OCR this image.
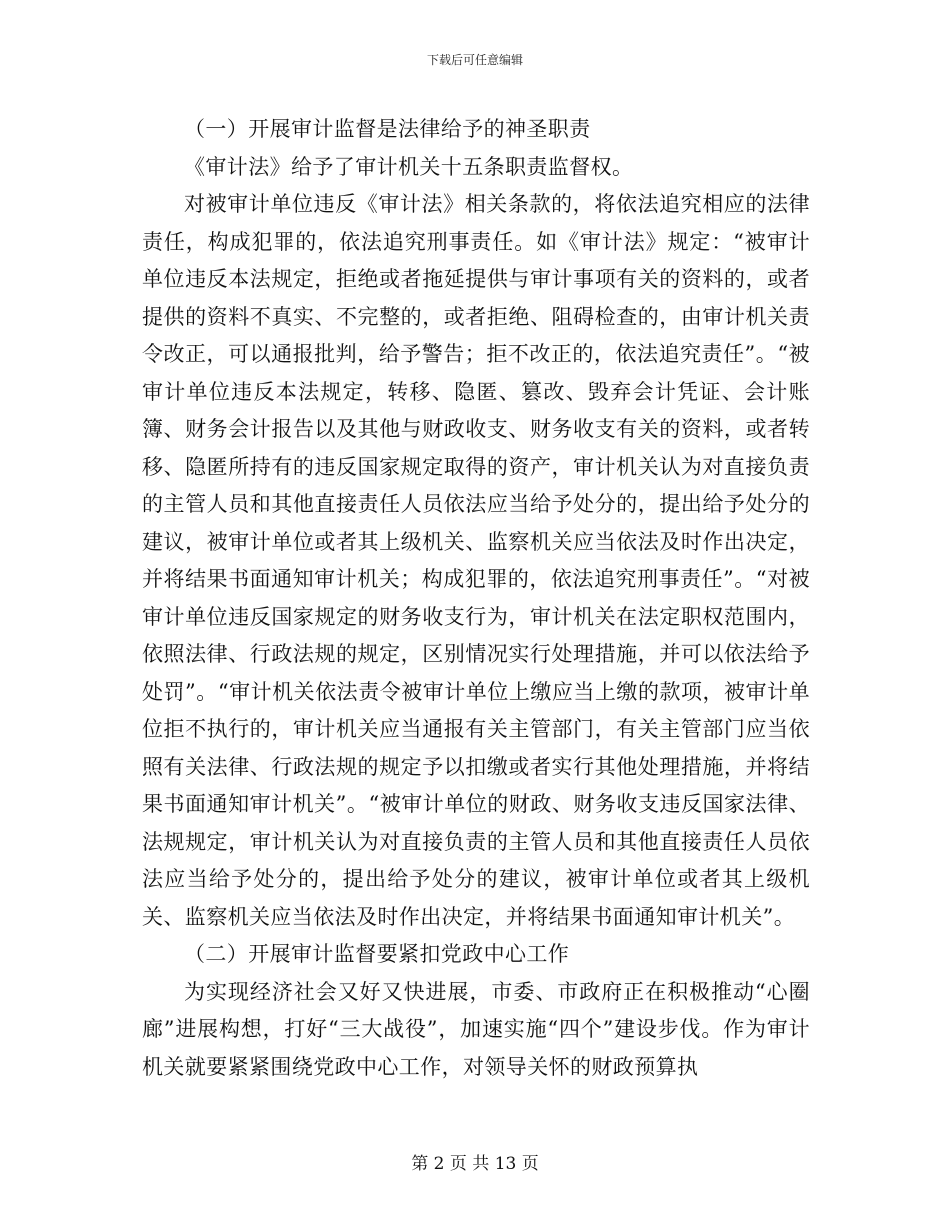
下载后可任意编辑
（一）开展审计监督是法律给予的神圣职责
《审计法》给予了审计机关十五条职责监督权。
对被审计单位违反《审计法》相关条款的，将依法追究相应的法律责任，构成犯罪的，依法追究刑事责任。如《审计法》规定：“被审计单位违反本法规定，拒绝或者拖延提供与审计事项有关的资料的，或者提供的资料不真实、不完整的，或者拒绝、阻碍检查的，由审计机关责令改正，可以通报批判，给予警告；拒不改正的，依法追究责任”。“被审计单位违反本法规定，转移、隐匿、篡改、毁弃会计凭证、会计账簿、财务会计报告以及其他与财政收支、财务收支有关的资料，或者转移、隐匿所持有的违反国家规定取得的资产，审计机关认为对直接负责的主管人员和其他直接责任人员依法应当给予处分的，提出给予处分的建议，被审计单位或者其上级机关、监察机关应当依法及时作出决定，并将结果书面通知审计机关；构成犯罪的，依法追究刑事责任”。“对被审计单位违反国家规定的财务收支行为，审计机关在法定职权范围内，依照法律、行政法规的规定，区别情况实行处理措施，并可以依法给予处罚”。“审计机关依法责令被审计单位上缴应当上缴的款项，被审计单位拒不执行的，审计机关应当通报有关主管部门，有关主管部门应当依照有关法律、行政法规的规定予以扣缴或者实行其他处理措施，并将结果书面通知审计机关”。“被审计单位的财政、财务收支违反国家法律、法规规定，审计机关认为对直接负责的主管人员和其他直接责任人员依法应当给予处分的，提出给予处分的建议，被审计单位或者其上级机关、监察机关应当依法及时作出决定，并将结果书面通知审计机关”。
（二）开展审计监督要紧扣党政中心工作
为实现经济社会又好又快进展，市委、市政府正在积极推动“心圈廊”进展构想，打好“三大战役”，加速实施“四个”建设步伐。作为审计机关就要紧紧围绕党政中心工作，对领导关怀的财政预算执
第 2 页 共 13 页
